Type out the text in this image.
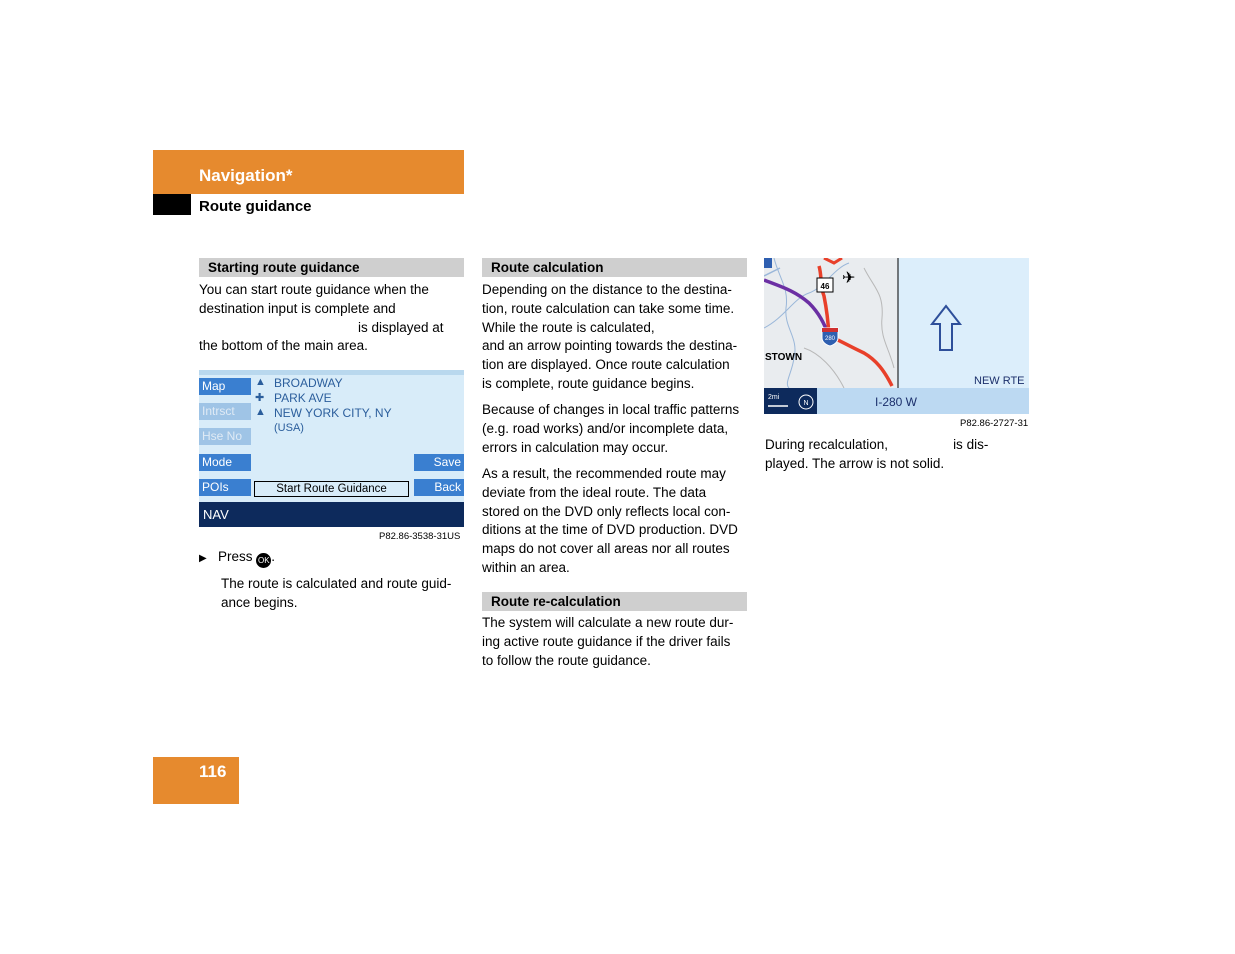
Navigation*
Route guidance
Starting route guidance

You can start route guidance when the

destination input is complete and

is displayed at

the bottom of the main area.

Map
Intrsct
Hse No
Mode
POIs
▲ BROADWAY
✚ PARK AVE
▲ NEW YORK CITY, NY
(USA)
Save
Back
Start Route Guidance
NAV
P82.86-3538-31US
▶ Press OK .

The route is calculated and route guid-

ance begins.

Route calculation

Depending on the distance to the destina-

tion, route calculation can take some time.

While the route is calculated,

and an arrow pointing towards the destina-

tion are displayed. Once route calculation

is complete, route guidance begins.

Because of changes in local traffic patterns

(e.g. road works) and/or incomplete data,

errors in calculation may occur.

As a result, the recommended route may

deviate from the ideal route. The data

stored on the DVD only reflects local con-

ditions at the time of DVD production. DVD

maps do not cover all areas nor all routes

within an area.

Route re-calculation

The system will calculate a new route dur-

ing active route guidance if the driver fails

to follow the route guidance.

46 ✈
280
STOWN
NEW RTE
2mi
N	I-280 W
P82.86-2727-31

During recalculation,	is dis-

played. The arrow is not solid.

116
